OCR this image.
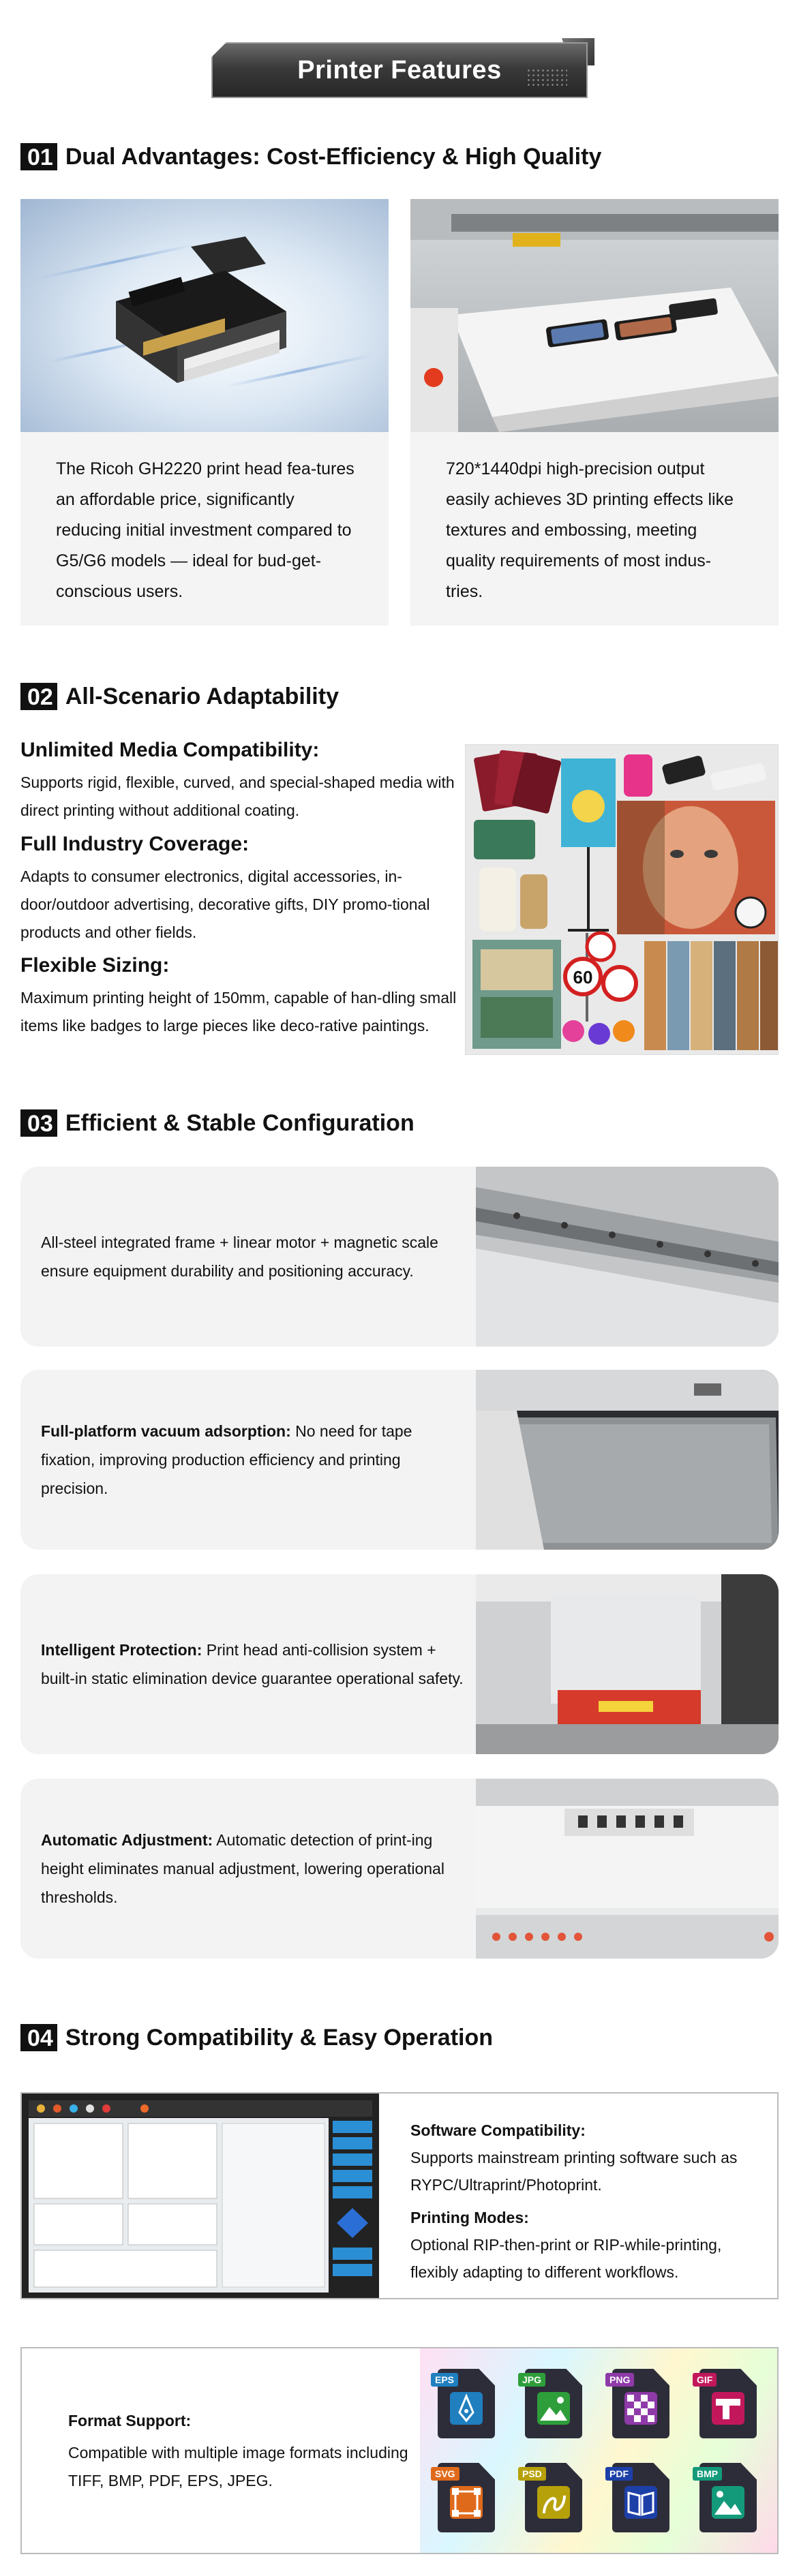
Printer Features
01 Dual Advantages: Cost-Efficiency & High Quality
The Ricoh GH2220 print head fea-tures an affordable price, significantly reducing initial investment compared to G5/G6 models — ideal for bud-get-conscious users.
720*1440dpi high-precision output easily achieves 3D printing effects like textures and embossing, meeting quality requirements of most indus-tries.
02 All-Scenario Adaptability
Unlimited Media Compatibility:
Supports rigid, flexible, curved, and special-shaped media with direct printing without additional coating.
Full Industry Coverage:
Adapts to consumer electronics, digital accessories, in-door/outdoor advertising, decorative gifts, DIY promo-tional products and other fields.
Flexible Sizing:
Maximum printing height of 150mm, capable of han-dling small items like badges to large pieces like deco-rative paintings.
60
03 Efficient & Stable Configuration
All-steel integrated frame + linear motor + magnetic scale ensure equipment durability and positioning accuracy.
Full-platform vacuum adsorption: No need for tape fixation, improving production efficiency and printing precision.
Intelligent Protection: Print head anti-collision system + built-in static elimination device guarantee operational safety.
Automatic Adjustment: Automatic detection of print-ing height eliminates manual adjustment, lowering operational thresholds.
04 Strong Compatibility & Easy Operation
Software Compatibility:
Supports mainstream printing software such as RYPC/Ultraprint/Photoprint.
Printing Modes:
Optional RIP-then-print or RIP-while-printing, flexibly adapting to different workflows.
Format Support:
Compatible with multiple image formats including TIFF, BMP, PDF, EPS, JPEG.
EPS	JPG	PNG	GIF
SVG	PSD	PDF	BMP
